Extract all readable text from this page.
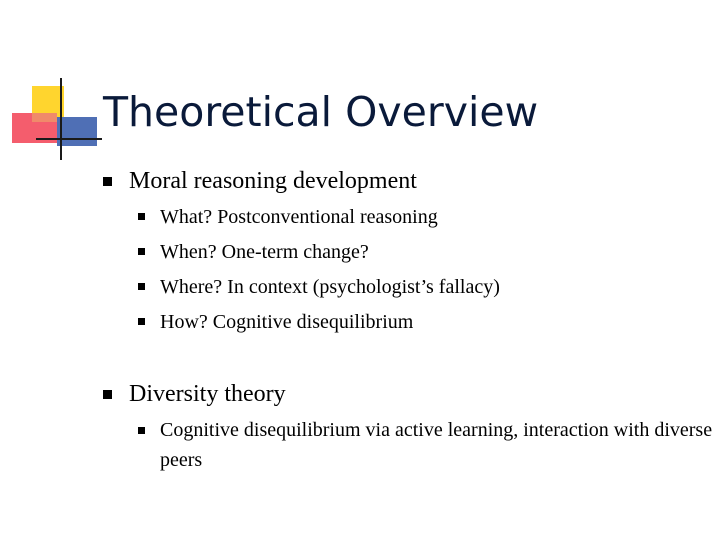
Theoretical Overview
Moral reasoning development
What? Postconventional reasoning
When? One-term change?
Where? In context (psychologist’s fallacy)
How? Cognitive disequilibrium
Diversity theory
Cognitive disequilibrium via active learning, interaction with diverse peers
